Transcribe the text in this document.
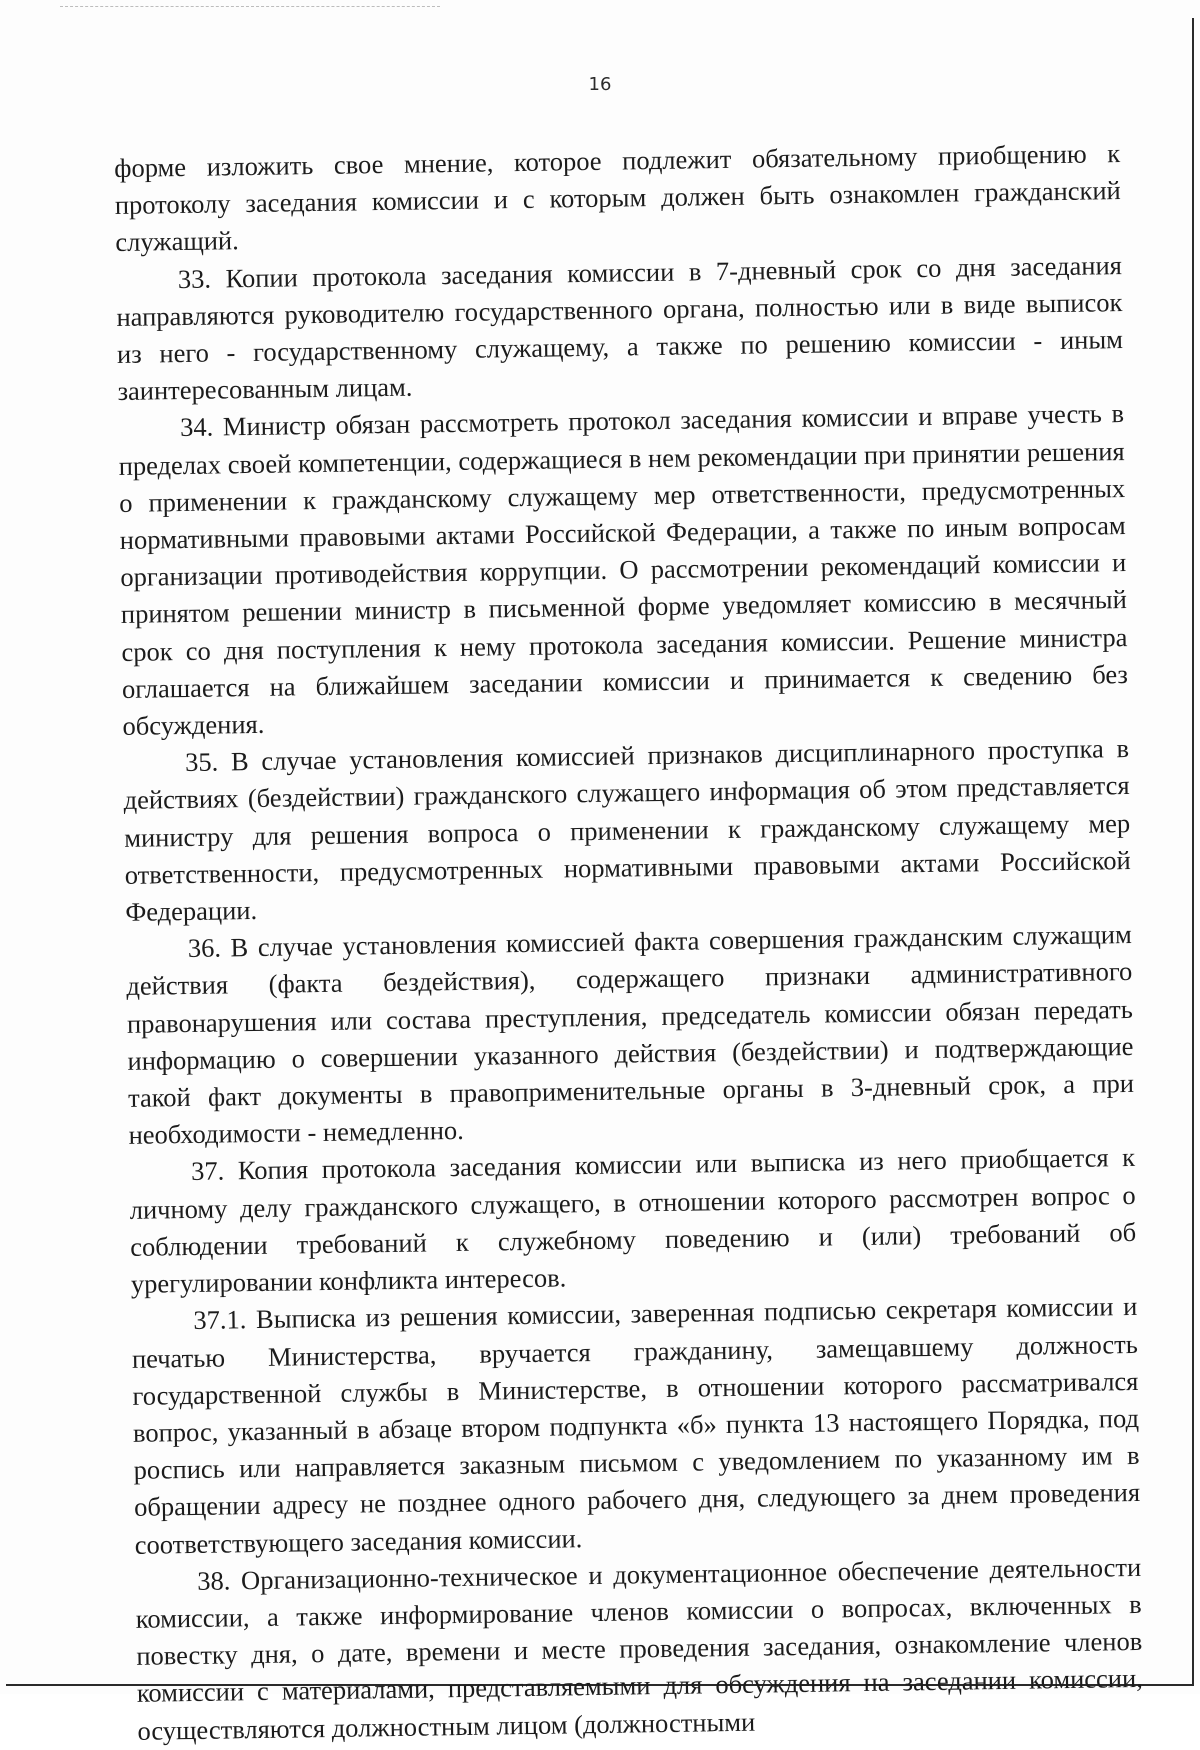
16

форме изложить свое мнение, которое подлежит обязательному приобщению к протоколу заседания комиссии и с которым должен быть ознакомлен гражданский служащий.

33. Копии протокола заседания комиссии в 7-дневный срок со дня заседания направляются руководителю государственного органа, полностью или в виде выписок из него - государственному служащему, а также по решению комиссии - иным заинтересованным лицам.

34. Министр обязан рассмотреть протокол заседания комиссии и вправе учесть в пределах своей компетенции, содержащиеся в нем рекомендации при принятии решения о применении к гражданскому служащему мер ответственности, предусмотренных нормативными правовыми актами Российской Федерации, а также по иным вопросам организации противодействия коррупции. О рассмотрении рекомендаций комиссии и принятом решении министр в письменной форме уведомляет комиссию в месячный срок со дня поступления к нему протокола заседания комиссии. Решение министра оглашается на ближайшем заседании комиссии и принимается к сведению без обсуждения.

35. В случае установления комиссией признаков дисциплинарного проступка в действиях (бездействии) гражданского служащего информация об этом представляется министру для решения вопроса о применении к гражданскому служащему мер ответственности, предусмотренных нормативными правовыми актами Российской Федерации.

36. В случае установления комиссией факта совершения гражданским служащим действия (факта бездействия), содержащего признаки административного правонарушения или состава преступления, председатель комиссии обязан передать информацию о совершении указанного действия (бездействии) и подтверждающие такой факт документы в правоприменительные органы в 3-дневный срок, а при необходимости - немедленно.

37. Копия протокола заседания комиссии или выписка из него приобщается к личному делу гражданского служащего, в отношении которого рассмотрен вопрос о соблюдении требований к служебному поведению и (или) требований об урегулировании конфликта интересов.

37.1. Выписка из решения комиссии, заверенная подписью секретаря комиссии и печатью Министерства, вручается гражданину, замещавшему должность государственной службы в Министерстве, в отношении которого рассматривался вопрос, указанный в абзаце втором подпункта «б» пункта 13 настоящего Порядка, под роспись или направляется заказным письмом с уведомлением по указанному им в обращении адресу не позднее одного рабочего дня, следующего за днем проведения соответствующего заседания комиссии.

38. Организационно-техническое и документационное обеспечение деятельности комиссии, а также информирование членов комиссии о вопросах, включенных в повестку дня, о дате, времени и месте проведения заседания, ознакомление членов комиссии с материалами, представляемыми для обсуждения на заседании комиссии, осуществляются должностным лицом (должностными
